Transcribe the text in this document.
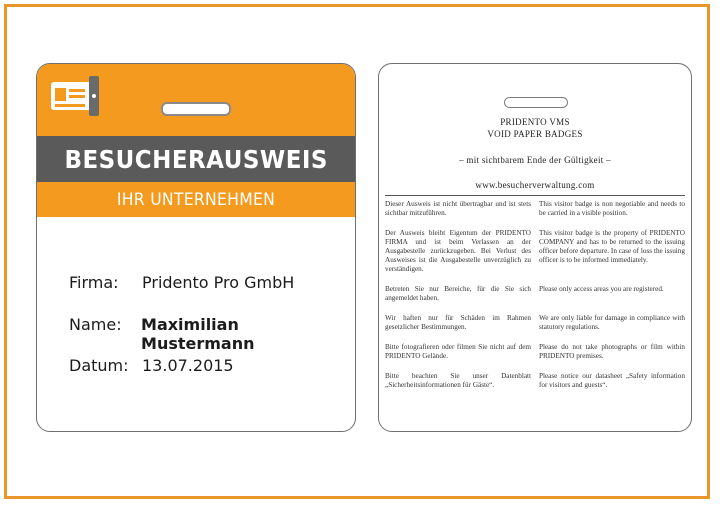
BESUCHERAUSWEIS
IHR UNTERNEHMEN
Firma:	Pridento Pro GmbH
Name:	Maximilian Mustermann
Datum: 13.07.2015
PRIDENTO VMS
VOID PAPER BADGES
– mit sichtbarem Ende der Gültigkeit –
www.besucherverwaltung.com
Dieser Ausweis ist nicht übertragbar und ist stets sichtbar mitzuführen.
This visitor badge is non negotiable and needs to be carried in a visible position.
Der Ausweis bleibt Eigentum der PRIDENTO FIRMA und ist beim Verlassen an der Ausgabestelle zurückzugeben. Bei Verlust des Ausweises ist die Ausgabestelle unverzüglich zu verständigen.
This visitor badge is the property of PRIDENTO COMPANY and has to be returned to the issuing officer before departure. In case of loss the issuing officer is to be informed immediately.
Betreten Sie nur Bereiche, für die Sie sich angemeldet haben.
Please only access areas you are registered.
Wir haften nur für Schäden im Rahmen gesetzlicher Bestimmungen.
We are only liable for damage in compliance with statutory regulations.
Bitte fotografieren oder filmen Sie nicht auf dem PRIDENTO Gelände.
Please do not take photographs or film within PRIDENTO premises.
Bitte beachten Sie unser Datenblatt „Sicherheitsinformationen für Gäste“.
Please notice our datasheet „Safety information for visitors and guests“.
